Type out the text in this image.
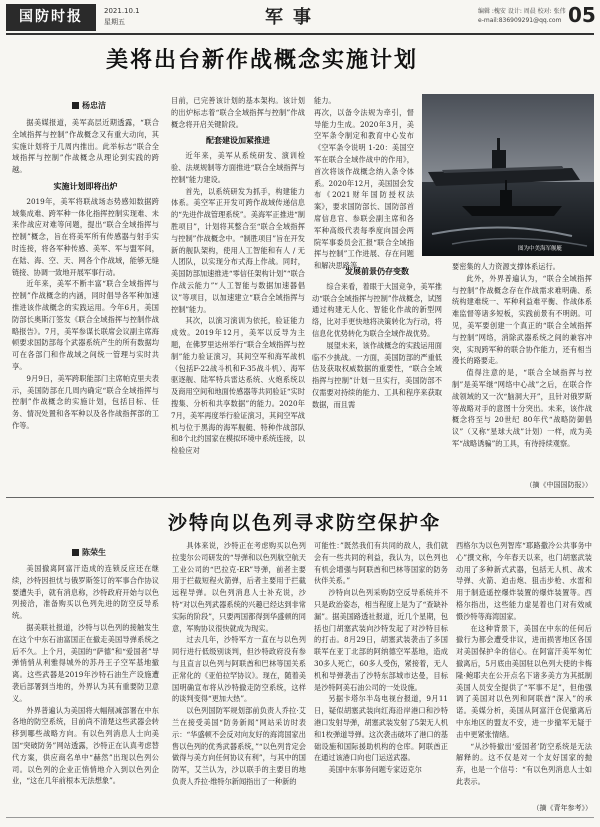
国防时报	2021.10.1
星期五	军事	编辑 :槐安 设计: 周晨 校对: 张伟
e-mail:836909291@qq.com 05
美将出台新作战概念实施计划
杨忠洁

据美媒报道，美军高层近期透露，“联合全域指挥与控制”作战概念又有重大动向，其实施计划将于几周内推出。此举标志“联合全域指挥与控制”作战概念从理论到实践的跨越。

实施计划即将出炉

2019年，美军将联战场态势感知数据跨域集成难、跨军种一体化指挥控制实现难、未来作战应对难等问题，提出“联合全域指挥与控制”概念，旨在将美军所有传感器与射手实时连接，将各军种传感、美军、军与盟军间，在陆、海、空、天、网各个作战域，能够无缝链接、协调一致地开展军事行动。

近年来，美军不断丰富“联合全域指挥与控制”作战概念的内涵，同时倡导各军种加速推进该作战概念的实践运用。今年6月，美国防部长奥斯汀签发《联合全域指挥与控制作战略报告》。7月，美军参谋长联席会议副主席海顿要求国防部每个武器系统产生的所有数据均可在各部门和作战域之间统一管理与实时共享。

9月9日，美军跨职能部门主席帕克里夫表示，美国防部在几周内确定“联合全域指挥与控制”作战概念的实施计划，包括目标、任务、情况处置和各军种以及各作战指挥部的工作等。

目前，已完善该计划的基本架构。该计划的出炉标志着“联合全域指挥与控制”作战概念将开启关键阶段。

配套建设加紧推进

近年来，美军从系统研发、演训检验、法规规制等方面推进“联合全域指挥与控制”能力建设。

首先，以系统研发为抓手，构建能力体系。美空军正开发可跨作战域传递信息的“先进作战管理系统”。美海军正推进“制胜项目”，计划将其整合至“联合全域指挥与控制”作战概念中。“制胜项目”旨在开发新的舰队架构，使用人工智能和有人 / 无人团队，以实现分布式海上作战。同时，美国防部加速推进“零信任架构计划”“联合作战云能力”“人工智能与数据加速器倡议”等项目，以加速建立“联合全域指挥与控制”能力。

其次，以演习演训为依托，验证能力成效。2019年12月，美军以反导为主题，在佛罗里达州举行“联合全域指挥与控制”能力验证演习，其间空军和海军战机（包括F-22战斗机和F-35战斗机）、海军驱逐舰、陆军特兵雷达系统、火炮系统以及商用空间和地面传感器等共同验证“实时搜集、分析和共享数据”的能力。2020年7月，美军再度举行验证演习，其间空军战机与位于黑海的海军舰艇、特种作战部队和8个北约国家在模拟环境中系统连接，以检验应对

能力。
再次，以备令法规为牵引，督导能力生成。2020年3月，美空军条令制定和教育中心发布《空军条令说明 1-20：美国空军在联合全域作战中的作用》，首次将该作战概念纳入条令体系。2020年12月，美国国会发布《2021财年国防授权法案》，要求国防部长、国防部首席信息官、参联会副主席和各军种高级代表每季度向国会两院军事委员会汇报“联合全域指挥与控制”工作进展、存在问题和解决思路等。
图为中美海军舰艇
发展前景仍存变数

综合来看，着眼于大国竞争，美军推动“联合全域指挥与控制”作战概念，试图通过构建无人化、智能化作战的新型网络，比对手更快地将决策转化为行动，将信息化优势转化为联合全域作战优势。

展望未来，该作战概念的实践运用面临不少挑战。一方面，美国防部的严重低估及获取权威数据的重要性，“联合全域指挥与控制”计划一旦实行，美国防部不仅需要对持续的能力、工具和程序来获取数据，而且需

要密集的人力资源支撑体系运行。

此外，外界普遍认为，“联合全域指挥与控制”作战概念存在作战需求难明确、系统构建难统一、军种利益难平衡、作战体系难监督等诸多短板，实践前景有不明朗。可见，美军要创建一个真正的“联合全域指挥与控制”网络，消除武器系统之间的兼容冲突，实现跨军种的联合协作能力，还有相当漫长的路要走。

值得注意的是，“联合全域指挥与控制”是美军继“网络中心战”之后，在联合作战领域的又一次“脑洞大开”，且针对俄罗斯等战略对手的意图十分突出。未来，该作战概念将至与 20世纪 80年代“战略防御倡议”（又称“星球大战”计划）一样，成为美军“战略诱骗”的工具，有待持续观察。

（摘《中国国防报》）
沙特向以色列寻求防空保护伞
陈荣生

美国撤离阿富汗造成的连锁反应还在继续，沙特因担忧与俄罗斯签订的军事合作协议要遭失手，就有消息称，沙特政府开始与以色列接洽，准备购买以色列先进的防空反导系统。

据美联社报道，沙特与以色列的接触发生在这个中东石油富国正在撤走美国导弹系统之后不久。上个月，美国的“萨德”和“爱国者”导弹悄悄从利雅得城外的苏丹王子空军基地撤离。这些武器是2019年沙特石油生产设施遭袭后部署到当地的，外界认为其有重要防卫意义。

外界普遍认为美国将大幅削减部署在中东各地的防空系统，目前尚不清楚这些武器会转移到哪些战略方向。有以色列消息人士向美国“突破防务”网站透露，沙特正在认真考虑替代方案，供应商名单中“赫然”出现以色列公司。以色列的企业正悄悄地介入到以色列企业，“这在几年前根本无法想象”。

具体来说，沙特正在考虑购买以色列拉斐尔公司研发的“导弹和以色列航空航天工业公司的“巴拉克-ER”导弹，前者主要用于拦截短程火箭弹，后者主要用于拦截远程导弹。以色列消息人士补充说，沙特“对以色列武器系统的兴趣已经达到非常实际的阶段”，只要两国都得到华盛顿的同意，军购协议很快就成为现实。

过去几年，沙特军方一直在与以色列同行进行低级别谈判，但沙特政府没有参与且直言以色列与阿联酋和巴林等国关系正常化的《亚伯拉罕协议》。现在，随着美国明确宣布将从沙特撤走防空系统，这样的谈判变得“更加大热”。

以色列国防军规划部前负责人乔拉·艾兰在接受美国“防务新闻”网站采访时表示：“华盛顿不会反对向友好的海湾国家出售以色列的优秀武器系统，”“以色列肯定会做得与美方向任何协议有利”，与其中的国防军，艾兰认为，沙以联手的主要目的地负责人乔拉·维特尔新闻指出了一种新的

可能性：”既然我们有共同的敌人，我们就会有一些共同的利益，我认为，以色列也有机会增强与阿联酋和巴林等国家的防务伙伴关系。”

沙特向以色列采购防空反导系统并不只是政治姿态，相当程度上是为了“查缺补漏”。据美国路透社报道，近几个星期，包括也门胡塞武装向沙特发起了对沙特目标的打击。8月29日，胡塞武装袭击了多国联军在亚丁北部的阿纳德空军基地，造成30多人死亡，60多人受伤，紧接着，无人机和导弹袭击了沙特东部城市达曼，目标是沙特阿美石油公司的一处设施。

另据卡塔尔半岛电视台报道，9月11日，疑似胡塞武装向红海沿岸港口和沙特港口发射导弹，胡塞武装发射了5架无人机和1枚弹道导弹。这次袭击破坏了港口的基础设施和国际援助机构的仓库。阿联酋正在通过该港口向也门运送武器。

美国中东事务问题专家迈克尔

西格尔为以色列智库“耶路撒冷公共事务中心”撰文称，今年春天以来，也门胡塞武装动用了多种新式武器，包括无人机、战术导弹、火箭、迫击炮、狙击步枪、水雷和用于制造遥控爆炸装置的爆炸装置等。西格尔指出，这些能力虚晃着也门对有效威慑沙特等海湾国家。

在这种背景下，美国在中东的任何后撤行为都会遭受非议，进而损害地区各国对美国保护伞的信心。在阿富汗美军匆忙撤离后，5月底由美国驻以色列大使的卡梅隆·鲍耶夫在公开点名下诸多美方为其抵制美国人员安全提供了“军事不足”，但他强调了美国对以色列和阿联酋“深入”的承诺。美媒分析，美国从阿富汗仓促撤离后中东地区的盟友不安，进一步撤军无疑于击中更紧张情绪。

“从沙特撤出‘爱国者’防空系统是无法解释的。这不仅是对一个友好国家的抛弃，也是一个信号：“有以色列消息人士如此表示。

（摘《青年参考》）
